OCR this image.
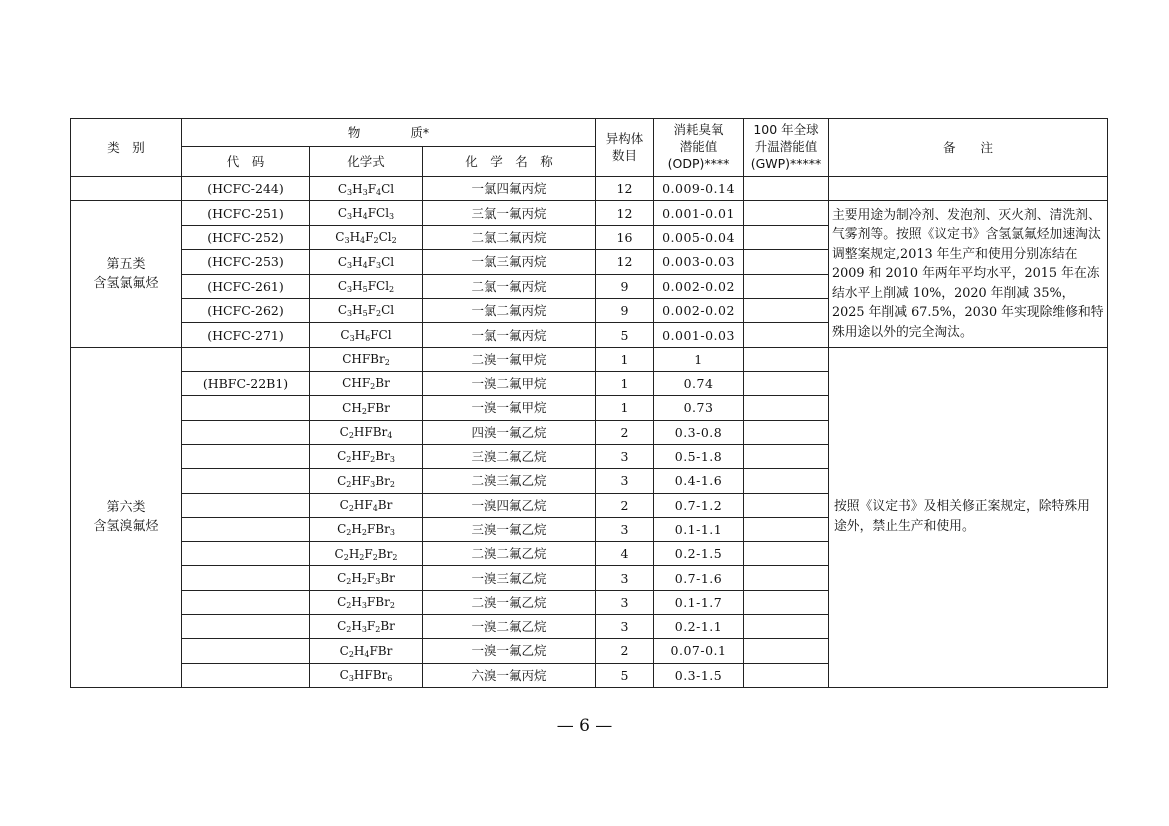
类　别	物　　　　质*			异构体数目	消耗臭氧
潜能值
(ODP)****	100 年全球
升温潜能值
(GWP)*****	备　　注
	代　码	化学式	化　学　名　称				
	(HCFC-244)	$C_3H_3F_4Cl$	一氯四氟丙烷	12	0.009-0.14		
第五类
含氢氯氟烃	(HCFC-251)	$C_3H_4FCl_3$	三氯一氟丙烷	12	0.001-0.01		主要用途为制冷剂、发泡剂、灭火剂、清洗剂、气雾剂等。按照《议定书》含氢氯氟烃加速淘汰调整案规定,2013 年生产和使用分别冻结在 2009 和 2010 年两年平均水平，2015 年在冻结水平上削减 10%，2020 年削减 35%，2025 年削减 67.5%，2030 年实现除维修和特殊用途以外的完全淘汰。
	(HCFC-252)	$C_3H_4F_2Cl_2$	二氯二氟丙烷	16	0.005-0.04		
	(HCFC-253)	$C_3H_4F_3Cl$	一氯三氟丙烷	12	0.003-0.03		
	(HCFC-261)	$C_3H_5FCl_2$	二氯一氟丙烷	9	0.002-0.02		
	(HCFC-262)	$C_3H_5F_2Cl$	一氯二氟丙烷	9	0.002-0.02		
	(HCFC-271)	$C_3H_6FCl$	一氯一氟丙烷	5	0.001-0.03		
第六类
含氢溴氟烃		CHFBr$_2$	二溴一氟甲烷	1	1		按照《议定书》及相关修正案规定，除特殊用途外，禁止生产和使用。
	(HBFC-22B1)	$CHF_2Br$	一溴二氟甲烷	1	0.74		
		$CH_2FBr$	一溴一氟甲烷	1	0.73		
		$C_2HFBr_4$	四溴一氟乙烷	2	0.3-0.8		
		$C_2HF_2Br_3$	三溴二氟乙烷	3	0.5-1.8		
		$C_2HF_3Br_2$	二溴三氟乙烷	3	0.4-1.6		
		$C_2HF_4Br$	一溴四氟乙烷	2	0.7-1.2		
		$C_2H_2FBr_3$	三溴一氟乙烷	3	0.1-1.1		
		$C_2H_2F_2Br_2$	二溴二氟乙烷	4	0.2-1.5		
		$C_2H_2F_3Br$	一溴三氟乙烷	3	0.7-1.6		
		$C_2H_3FBr_2$	二溴一氟乙烷	3	0.1-1.7		
		$C_2H_3F_2Br$	一溴二氟乙烷	3	0.2-1.1		
		$C_2H_4FBr$	一溴一氟乙烷	2	0.07-0.1		
		$C_3HFBr_6$	六溴一氟丙烷	5	0.3-1.5		
— 6 —
